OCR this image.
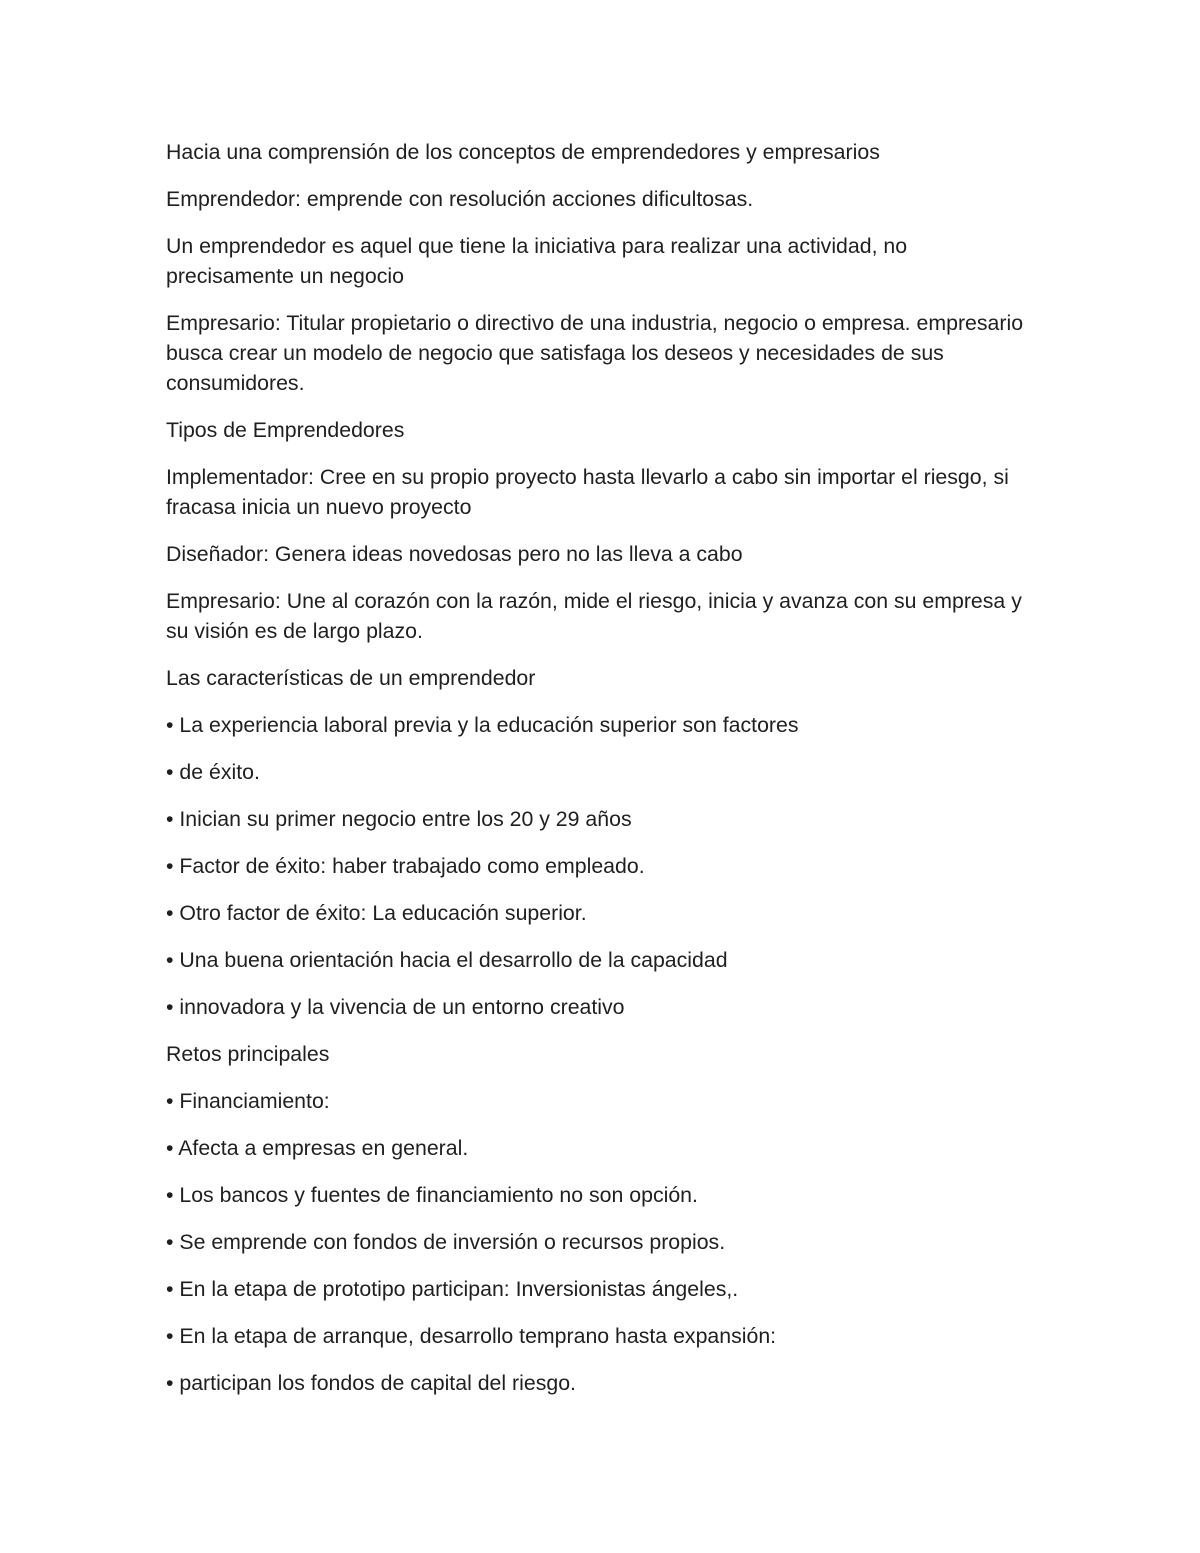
Hacia una comprensión de los conceptos de emprendedores y empresarios

Emprendedor: emprende con resolución acciones dificultosas.

Un emprendedor es aquel que tiene la iniciativa para realizar una actividad, no precisamente un negocio

Empresario: Titular propietario o directivo de una industria, negocio o empresa. empresario busca crear un modelo de negocio que satisfaga los deseos y necesidades de sus consumidores.

Tipos de Emprendedores

Implementador: Cree en su propio proyecto hasta llevarlo a cabo sin importar el riesgo, si fracasa inicia un nuevo proyecto

Diseñador: Genera ideas novedosas pero no las lleva a cabo

Empresario: Une al corazón con la razón, mide el riesgo, inicia y avanza con su empresa y su visión es de largo plazo.

Las características de un emprendedor

• La experiencia laboral previa y la educación superior son factores

• de éxito.

• Inician su primer negocio entre los 20 y 29 años

• Factor de éxito: haber trabajado como empleado.

• Otro factor de éxito: La educación superior.

• Una buena orientación hacia el desarrollo de la capacidad

• innovadora y la vivencia de un entorno creativo

Retos principales

• Financiamiento:

• Afecta a empresas en general.

• Los bancos y fuentes de financiamiento no son opción.

• Se emprende con fondos de inversión o recursos propios.

• En la etapa de prototipo participan: Inversionistas ángeles,.

• En la etapa de arranque, desarrollo temprano hasta expansión:

• participan los fondos de capital del riesgo.
